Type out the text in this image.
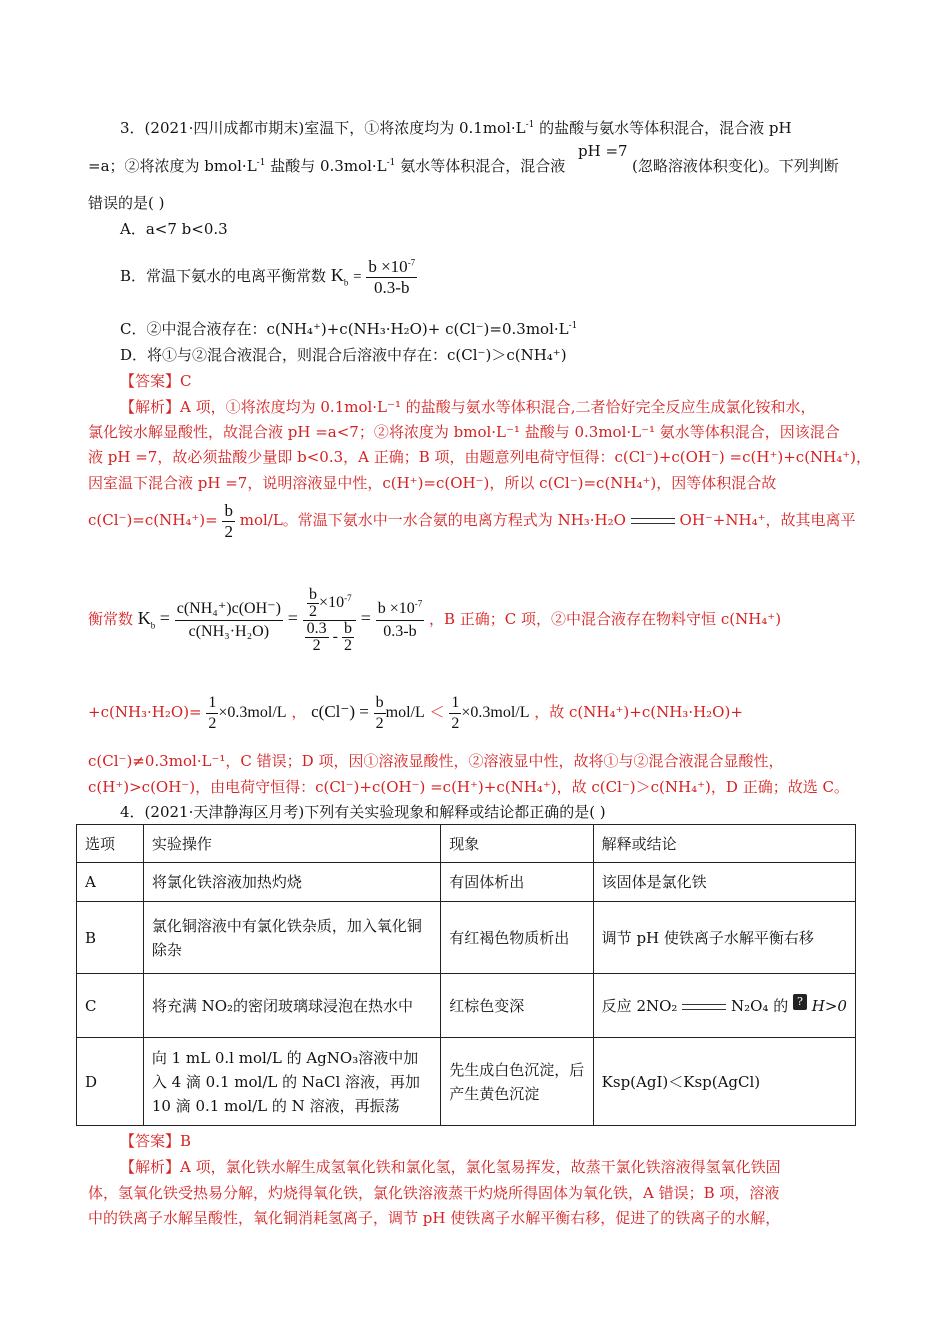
3．(2021·四川成都市期末)室温下，①将浓度均为 $0.1mol\cdot L^{-1}$ 的盐酸与氨水等体积混合，混合液 pH
pH =7
=a；②将浓度为 $bmol\cdot L^{-1}$ 盐酸与 $0.3mol\cdot L^{-1}$ 氨水等体积混合，混合液	(忽略溶液体积变化)。下列判断
错误的是( )
A．a<7 b<0.3
B．常温下氨水的电离平衡常数 $K_b = \frac{b \times 10^{-7}}{0.3-b}$
C．②中混合液存在：$c(NH_4^+)+c(NH_3\cdot H_2O)+ c(Cl^-)=0.3mol\cdot L^{-1}$
D．将①与②混合液混合，则混合后溶液中存在：c(Cl⁻)＞c(NH₄⁺)
【答案】C
【解析】A 项，①将浓度均为 0.1mol·L⁻¹ 的盐酸与氨水等体积混合,二者恰好完全反应生成氯化铵和水，
氯化铵水解显酸性，故混合液 pH =a<7；②将浓度为 bmol·L⁻¹ 盐酸与 0.3mol·L⁻¹ 氨水等体积混合，因该混合
液 pH =7，故必须盐酸少量即 b<0.3，A 正确；B 项，由题意列电荷守恒得：c(Cl⁻)+c(OH⁻) =c(H⁺)+c(NH₄⁺)，
因室温下混合液 pH =7，说明溶液显中性，c(H⁺)=c(OH⁻)，所以 c(Cl⁻)=c(NH₄⁺)，因等体积混合故
$c(Cl^-)=c(NH_4^+)= \frac{b}{2} mol/L$。常温下氨水中一水合氨的电离方程式为 NH₃·H₂O	OH⁻+NH₄⁺，故其电离平
衡常数 $K_b = \frac{\text{c(NH₄⁺)c(OH⁻)}}{\text{c(NH₃·H₂O)}} = \frac{\frac{b}{2} \times 10^{-7}}{\frac{0.3}{2} - \frac{b}{2}} = \frac{b \times 10^{-7}}{0.3-b}$ ，B 正确；C 项，②中混合液存在物料守恒 c(NH₄⁺)
$+c(NH_3\cdot H_2O)= \frac{1}{2} \times 0.3mol/L$ ， $c(Cl^-) = \frac{b}{2} mol/L < \frac{1}{2} \times 0.3mol/L$ ，故 c(NH₄⁺)+c(NH₃·H₂O)+
c(Cl⁻)≠0.3mol·L⁻¹，C 错误；D 项，因①溶液显酸性，②溶液显中性，故将①与②混合液混合显酸性，
c(H⁺)>c(OH⁻)，由电荷守恒得：c(Cl⁻)+c(OH⁻) =c(H⁺)+c(NH₄⁺)，故 c(Cl⁻)＞c(NH₄⁺)，D 正确；故选 C。
4．(2021·天津静海区月考)下列有关实验现象和解释或结论都正确的是( )
选项	实验操作	现象	解释或结论
A	将氯化铁溶液加热灼烧	有固体析出	该固体是氯化铁
B	氯化铜溶液中有氯化铁杂质，加入氧化铜除杂	有红褐色物质析出	调节 pH 使铁离子水解平衡右移
C	将充满 NO₂的密闭玻璃球浸泡在热水中	红棕色变深	反应 2NO₂ N₂O₄ 的 ? H>0
D	向 1 mL 0.l mol/L 的 AgNO₃溶液中加入 4 滴 0.1 mol/L 的 NaCl 溶液，再加 10 滴 0.1 mol/L 的 N 溶液，再振荡	先生成白色沉淀，后产生黄色沉淀	Ksp(AgI)＜Ksp(AgCl)
【答案】B
【解析】A 项，氯化铁水解生成氢氧化铁和氯化氢，氯化氢易挥发，故蒸干氯化铁溶液得氢氧化铁固
体，氢氧化铁受热易分解，灼烧得氧化铁，氯化铁溶液蒸干灼烧所得固体为氧化铁，A 错误；B 项，溶液
中的铁离子水解呈酸性，氧化铜消耗氢离子，调节 pH 使铁离子水解平衡右移，促进了的铁离子的水解，
